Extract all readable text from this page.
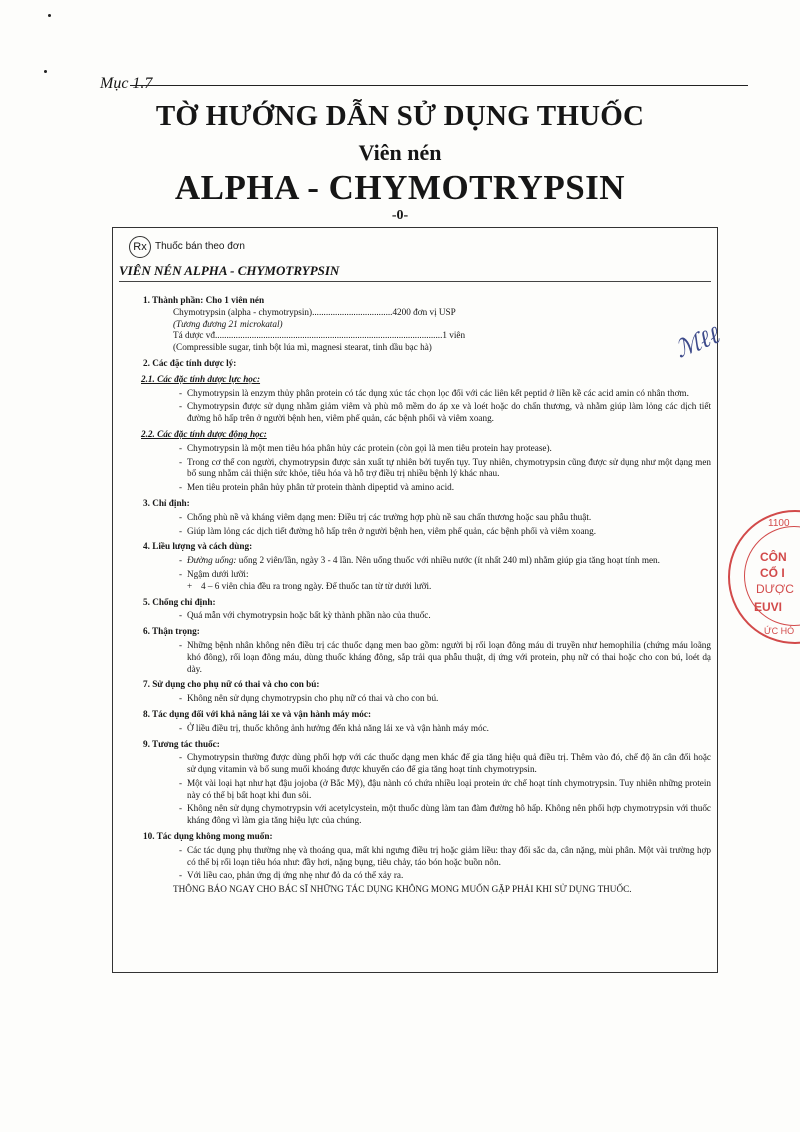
Mục 1.7
TỜ HƯỚNG DẪN SỬ DỤNG THUỐC
Viên nén
ALPHA - CHYMOTRYPSIN
-0-
Rx Thuốc bán theo đơn
VIÊN NÉN ALPHA - CHYMOTRYPSIN
1. Thành phần: Cho 1 viên nén
Chymotrypsin (alpha - chymotrypsin)...................................4200 đơn vị USP
(Tương đương 21 microkatal)
Tá dược vđ...................................................................................................1 viên
(Compressible sugar, tinh bột lúa mì, magnesi stearat, tinh dầu bạc hà)
2. Các đặc tính dược lý:
2.1. Các đặc tính dược lực học:
- Chymotrypsin là enzym thủy phân protein có tác dụng xúc tác chọn lọc đối với các liên kết peptid ở liền kề các acid amin có nhân thơm.
- Chymotrypsin được sử dụng nhằm giảm viêm và phù mô mềm do áp xe và loét hoặc do chấn thương, và nhằm giúp làm lỏng các dịch tiết đường hô hấp trên ở người bệnh hen, viêm phế quản, các bệnh phổi và viêm xoang.
2.2. Các đặc tính dược động học:
- Chymotrypsin là một men tiêu hóa phân hủy các protein (còn gọi là men tiêu protein hay protease).
- Trong cơ thể con người, chymotrypsin được sản xuất tự nhiên bởi tuyến tụy. Tuy nhiên, chymotrypsin cũng được sử dụng như một dạng men bổ sung nhằm cải thiện sức khỏe, tiêu hóa và hỗ trợ điều trị nhiều bệnh lý khác nhau.
- Men tiêu protein phân hủy phân tử protein thành dipeptid và amino acid.
3. Chỉ định:
- Chống phù nề và kháng viêm dạng men: Điều trị các trường hợp phù nề sau chấn thương hoặc sau phẫu thuật.
- Giúp làm lỏng các dịch tiết đường hô hấp trên ở người bệnh hen, viêm phế quản, các bệnh phổi và viêm xoang.
4. Liều lượng và cách dùng:
- Đường uống: uống 2 viên/lần, ngày 3 - 4 lần. Nên uống thuốc với nhiều nước (ít nhất 240 ml) nhằm giúp gia tăng hoạt tính men.
- Ngậm dưới lưỡi:
+ 4 – 6 viên chia đều ra trong ngày. Để thuốc tan từ từ dưới lưỡi.
5. Chống chỉ định:
- Quá mẫn với chymotrypsin hoặc bất kỳ thành phần nào của thuốc.
6. Thận trọng:
- Những bệnh nhân không nên điều trị các thuốc dạng men bao gồm: người bị rối loạn đông máu di truyền như hemophilia (chứng máu loãng khó đông), rối loạn đông máu, dùng thuốc kháng đông, sắp trải qua phẫu thuật, dị ứng với protein, phụ nữ có thai hoặc cho con bú, loét dạ dày.
7. Sử dụng cho phụ nữ có thai và cho con bú:
- Không nên sử dụng chymotrypsin cho phụ nữ có thai và cho con bú.
8. Tác dụng đối với khả năng lái xe và vận hành máy móc:
- Ở liều điều trị, thuốc không ảnh hưởng đến khả năng lái xe và vận hành máy móc.
9. Tương tác thuốc:
- Chymotrypsin thường được dùng phối hợp với các thuốc dạng men khác để gia tăng hiệu quả điều trị. Thêm vào đó, chế độ ăn cân đối hoặc sử dụng vitamin và bổ sung muối khoáng được khuyến cáo để gia tăng hoạt tính chymotrypsin.
- Một vài loại hạt như hạt đậu jojoba (ở Bắc Mỹ), đậu nành có chứa nhiều loại protein ức chế hoạt tính chymotrypsin. Tuy nhiên những protein này có thể bị bất hoạt khi đun sôi.
- Không nên sử dụng chymotrypsin với acetylcystein, một thuốc dùng làm tan đàm đường hô hấp. Không nên phối hợp chymotrypsin với thuốc kháng đông vì làm gia tăng hiệu lực của chúng.
10. Tác dụng không mong muốn:
- Các tác dụng phụ thường nhẹ và thoáng qua, mất khi ngưng điều trị hoặc giảm liều: thay đổi sắc da, cân nặng, mùi phân. Một vài trường hợp có thể bị rối loạn tiêu hóa như: đầy hơi, nặng bụng, tiêu chảy, táo bón hoặc buồn nôn.
- Với liều cao, phản ứng dị ứng nhẹ như đỏ da có thể xảy ra.
THÔNG BÁO NGAY CHO BÁC SĨ NHỮNG TÁC DỤNG KHÔNG MONG MUỐN GẶP PHẢI KHI SỬ DỤNG THUỐC.
ℳℓℓ
1100
CÔN
CỔ I
DƯỢC
EUVI
ỨC HÓ
